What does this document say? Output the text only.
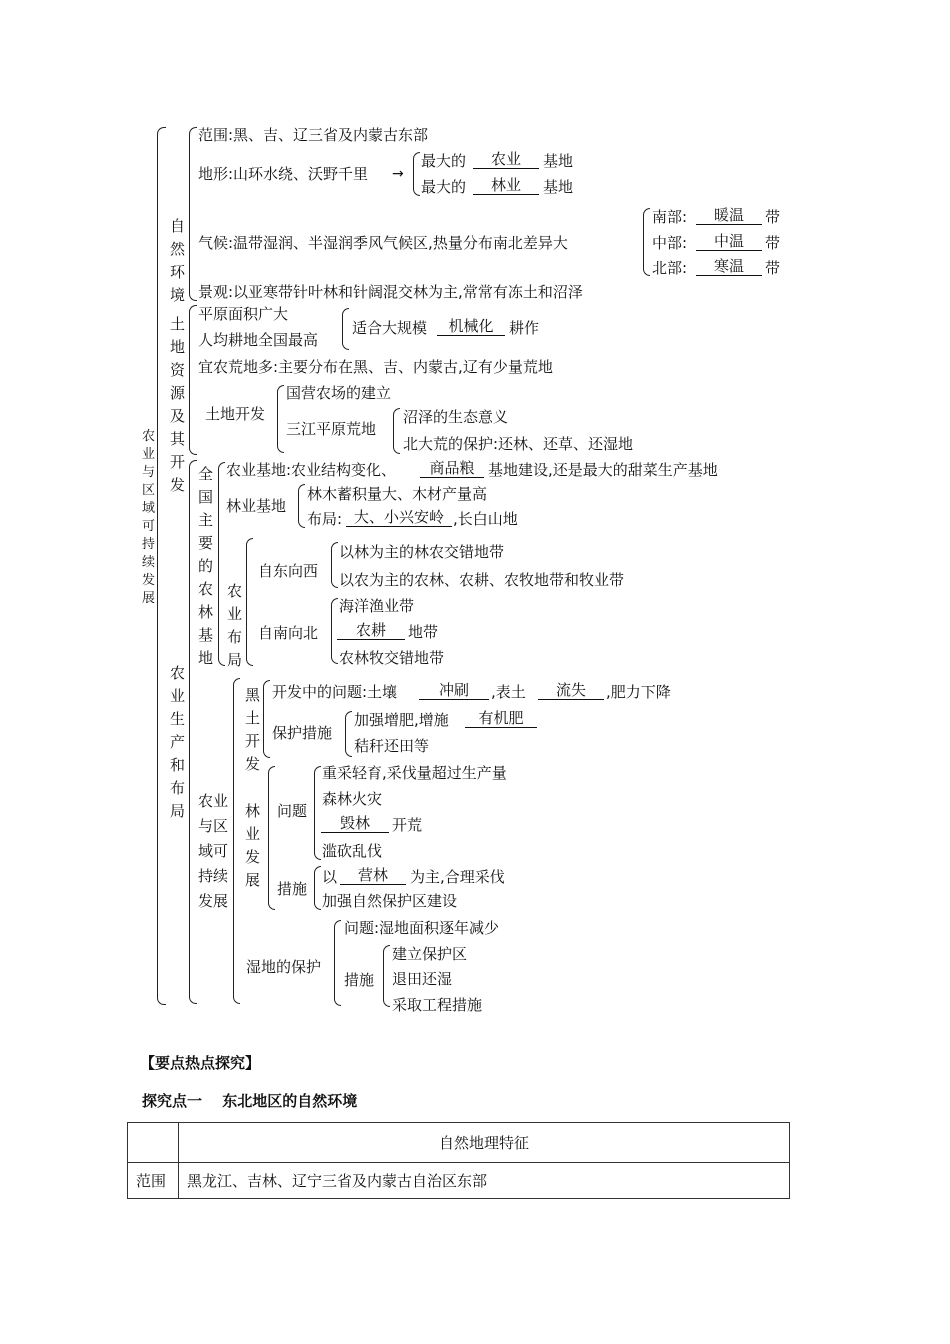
农业与区域可持续发展
自然环境
范围:黑、吉、辽三省及内蒙古东部
地形:山环水绕、沃野千里 →
最大的	农业	基地
最大的	林业	基地
气候:温带湿润、半湿润季风气候区,热量分布南北差异大
南部:	暖温	带
中部:	中温	带
北部:	寒温	带
景观:以亚寒带针叶林和针阔混交林为主,常常有冻土和沼泽
土地资源及其开发
平原面积广大
人均耕地全国最高
适合大规模	机械化	耕作
宜农荒地多:主要分布在黑、吉、内蒙古,辽有少量荒地
土地开发
国营农场的建立
三江平原荒地
沼泽的生态意义
北大荒的保护:还林、还草、还湿地
农业生产和布局
全国主要的农林基地
农业基地:农业结构变化、	商品粮 基地建设,还是最大的甜菜生产基地
林业基地
林木蓄积量大、木材产量高
布局: 大、小兴安岭 ,长白山地
农业布局
自东向西
以林为主的林农交错地带
以农为主的农林、农耕、农牧地带和牧业带
自南向北
海洋渔业带
农耕	地带
农林牧交错地带
农业与区域可持续发展
黑土开发
开发中的问题:土壤	冲刷	,表土	流失	,肥力下降
保护措施
加强增肥,增施	有机肥
秸秆还田等
林业发展
问题
重采轻育,采伐量超过生产量
森林火灾
毁林	开荒
滥砍乱伐
措施
以	营林	为主,合理采伐
加强自然保护区建设
湿地的保护
问题:湿地面积逐年减少
措施
建立保护区
退田还湿
采取工程措施
【要点热点探究】
探究点一　 东北地区的自然环境
	自然地理特征
范围	黑龙江、吉林、辽宁三省及内蒙古自治区东部
